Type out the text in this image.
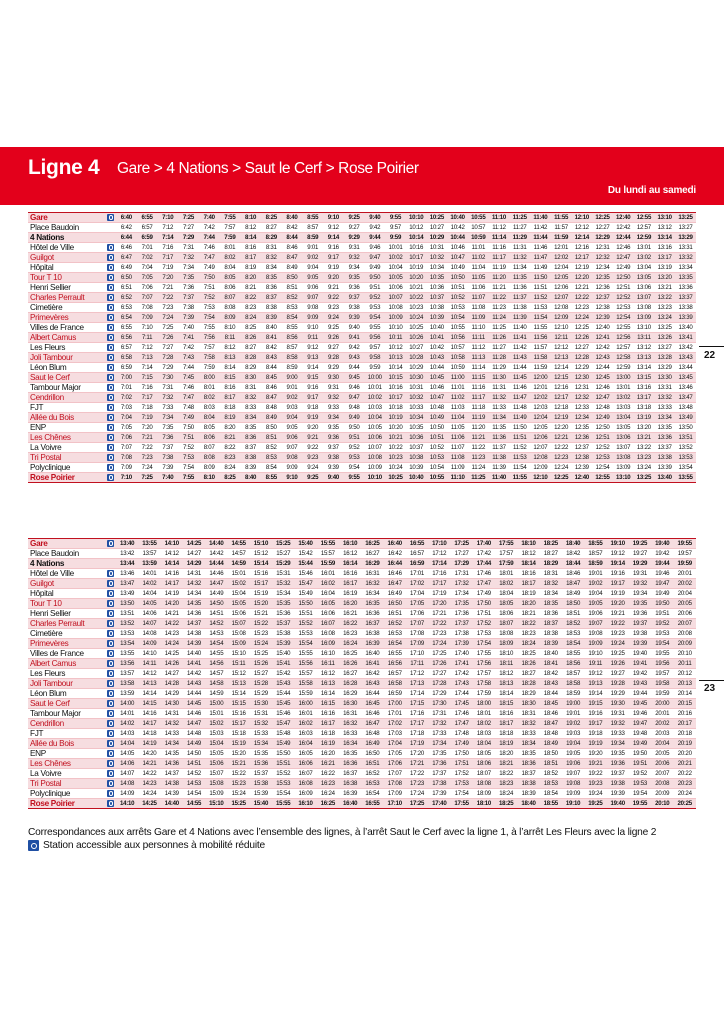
Ligne 4 Gare > 4 Nations > Saut le Cerf > Rose Poirier
Du lundi au samedi
Gare		6:40	6:55	7:10	7:25	7:40	7:55	8:10	8:25	8:40	8:55	9:10	9:25	9:40	9:55	10:10	10:25	10:40	10:55	11:10	11:25	11:40	11:55	12:10	12:25	12:40	12:55	13:10	13:25
Place Baudoin		6:42	6:57	7:12	7:27	7:42	7:57	8:12	8:27	8:42	8:57	9:12	9:27	9:42	9:57	10:12	10:27	10:42	10:57	11:12	11:27	11:42	11:57	12:12	12:27	12:42	12:57	13:12	13:27
4 Nations		6:44	6:59	7:14	7:29	7:44	7:59	8:14	8:29	8:44	8:59	9:14	9:29	9:44	9:59	10:14	10:29	10:44	10:59	11:14	11:29	11:44	11:59	12:14	12:29	12:44	12:59	13:14	13:29
Hôtel de Ville		6:46	7:01	7:16	7:31	7:46	8:01	8:16	8:31	8:46	9:01	9:16	9:31	9:46	10:01	10:16	10:31	10:46	11:01	11:16	11:31	11:46	12:01	12:16	12:31	12:46	13:01	13:16	13:31
Guilgot		6:47	7:02	7:17	7:32	7:47	8:02	8:17	8:32	8:47	9:02	9:17	9:32	9:47	10:02	10:17	10:32	10:47	11:02	11:17	11:32	11:47	12:02	12:17	12:32	12:47	13:02	13:17	13:32
Hôpital		6:49	7:04	7:19	7:34	7:49	8:04	8:19	8:34	8:49	9:04	9:19	9:34	9:49	10:04	10:19	10:34	10:49	11:04	11:19	11:34	11:49	12:04	12:19	12:34	12:49	13:04	13:19	13:34
Tour T 10		6:50	7:05	7:20	7:35	7:50	8:05	8:20	8:35	8:50	9:05	9:20	9:35	9:50	10:05	10:20	10:35	10:50	11:05	11:20	11:35	11:50	12:05	12:20	12:35	12:50	13:05	13:20	13:35
Henri Sellier		6:51	7:06	7:21	7:36	7:51	8:06	8:21	8:36	8:51	9:06	9:21	9:36	9:51	10:06	10:21	10:36	10:51	11:06	11:21	11:36	11:51	12:06	12:21	12:36	12:51	13:06	13:21	13:36
Charles Perrault		6:52	7:07	7:22	7:37	7:52	8:07	8:22	8:37	8:52	9:07	9:22	9:37	9:52	10:07	10:22	10:37	10:52	11:07	11:22	11:37	11:52	12:07	12:22	12:37	12:52	13:07	13:22	13:37
Cimetière		6:53	7:08	7:23	7:38	7:53	8:08	8:23	8:38	8:53	9:08	9:23	9:38	9:53	10:08	10:23	10:38	10:53	11:08	11:23	11:38	11:53	12:08	12:23	12:38	12:53	13:08	13:23	13:38
Primevères		6:54	7:09	7:24	7:39	7:54	8:09	8:24	8:39	8:54	9:09	9:24	9:39	9:54	10:09	10:24	10:39	10:54	11:09	11:24	11:39	11:54	12:09	12:24	12:39	12:54	13:09	13:24	13:39
Villes de France		6:55	7:10	7:25	7:40	7:55	8:10	8:25	8:40	8:55	9:10	9:25	9:40	9:55	10:10	10:25	10:40	10:55	11:10	11:25	11:40	11:55	12:10	12:25	12:40	12:55	13:10	13:25	13:40
Albert Camus		6:56	7:11	7:26	7:41	7:56	8:11	8:26	8:41	8:56	9:11	9:26	9:41	9:56	10:11	10:26	10:41	10:56	11:11	11:26	11:41	11:56	12:11	12:26	12:41	12:56	13:11	13:26	13:41
Les Fleurs		6:57	7:12	7:27	7:42	7:57	8:12	8:27	8:42	8:57	9:12	9:27	9:42	9:57	10:12	10:27	10:42	10:57	11:12	11:27	11:42	11:57	12:12	12:27	12:42	12:57	13:12	13:27	13:42
Joli Tambour		6:58	7:13	7:28	7:43	7:58	8:13	8:28	8:43	8:58	9:13	9:28	9:43	9:58	10:13	10:28	10:43	10:58	11:13	11:28	11:43	11:58	12:13	12:28	12:43	12:58	13:13	13:28	13:43
Léon Blum		6:59	7:14	7:29	7:44	7:59	8:14	8:29	8:44	8:59	9:14	9:29	9:44	9:59	10:14	10:29	10:44	10:59	11:14	11:29	11:44	11:59	12:14	12:29	12:44	12:59	13:14	13:29	13:44
Saut le Cerf		7:00	7:15	7:30	7:45	8:00	8:15	8:30	8:45	9:00	9:15	9:30	9:45	10:00	10:15	10:30	10:45	11:00	11:15	11:30	11:45	12:00	12:15	12:30	12:45	13:00	13:15	13:30	13:45
Tambour Major		7:01	7:16	7:31	7:46	8:01	8:16	8:31	8:46	9:01	9:16	9:31	9:46	10:01	10:16	10:31	10:46	11:01	11:16	11:31	11:46	12:01	12:16	12:31	12:46	13:01	13:16	13:31	13:46
Cendrillon		7:02	7:17	7:32	7:47	8:02	8:17	8:32	8:47	9:02	9:17	9:32	9:47	10:02	10:17	10:32	10:47	11:02	11:17	11:32	11:47	12:02	12:17	12:32	12:47	13:02	13:17	13:32	13:47
FJT		7:03	7:18	7:33	7:48	8:03	8:18	8:33	8:48	9:03	9:18	9:33	9:48	10:03	10:18	10:33	10:48	11:03	11:18	11:33	11:48	12:03	12:18	12:33	12:48	13:03	13:18	13:33	13:48
Allée du Bois		7:04	7:19	7:34	7:49	8:04	8:19	8:34	8:49	9:04	9:19	9:34	9:49	10:04	10:19	10:34	10:49	11:04	11:19	11:34	11:49	12:04	12:19	12:34	12:49	13:04	13:19	13:34	13:49
ENP		7:05	7:20	7:35	7:50	8:05	8:20	8:35	8:50	9:05	9:20	9:35	9:50	10:05	10:20	10:35	10:50	11:05	11:20	11:35	11:50	12:05	12:20	12:35	12:50	13:05	13:20	13:35	13:50
Les Chênes		7:06	7:21	7:36	7:51	8:06	8:21	8:36	8:51	9:06	9:21	9:36	9:51	10:06	10:21	10:36	10:51	11:06	11:21	11:36	11:51	12:06	12:21	12:36	12:51	13:06	13:21	13:36	13:51
La Voivre		7:07	7:22	7:37	7:52	8:07	8:22	8:37	8:52	9:07	9:22	9:37	9:52	10:07	10:22	10:37	10:52	11:07	11:22	11:37	11:52	12:07	12:22	12:37	12:52	13:07	13:22	13:37	13:52
Tri Postal		7:08	7:23	7:38	7:53	8:08	8:23	8:38	8:53	9:08	9:23	9:38	9:53	10:08	10:23	10:38	10:53	11:08	11:23	11:38	11:53	12:08	12:23	12:38	12:53	13:08	13:23	13:38	13:53
Polyclinique		7:09	7:24	7:39	7:54	8:09	8:24	8:39	8:54	9:09	9:24	9:39	9:54	10:09	10:24	10:39	10:54	11:09	11:24	11:39	11:54	12:09	12:24	12:39	12:54	13:09	13:24	13:39	13:54
Rose Poirier		7:10	7:25	7:40	7:55	8:10	8:25	8:40	8:55	9:10	9:25	9:40	9:55	10:10	10:25	10:40	10:55	11:10	11:25	11:40	11:55	12:10	12:25	12:40	12:55	13:10	13:25	13:40	13:55
Gare		13:40	13:55	14:10	14:25	14:40	14:55	15:10	15:25	15:40	15:55	16:10	16:25	16:40	16:55	17:10	17:25	17:40	17:55	18:10	18:25	18:40	18:55	19:10	19:25	19:40	19:55
Place Baudoin		13:42	13:57	14:12	14:27	14:42	14:57	15:12	15:27	15:42	15:57	16:12	16:27	16:42	16:57	17:12	17:27	17:42	17:57	18:12	18:27	18:42	18:57	19:12	19:27	19:42	19:57
4 Nations		13:44	13:59	14:14	14:29	14:44	14:59	15:14	15:29	15:44	15:59	16:14	16:29	16:44	16:59	17:14	17:29	17:44	17:59	18:14	18:29	18:44	18:59	19:14	19:29	19:44	19:59
Hôtel de Ville		13:46	14:01	14:16	14:31	14:46	15:01	15:16	15:31	15:46	16:01	16:16	16:31	16:46	17:01	17:16	17:31	17:46	18:01	18:16	18:31	18:46	19:01	19:16	19:31	19:46	20:01
Guilgot		13:47	14:02	14:17	14:32	14:47	15:02	15:17	15:32	15:47	16:02	16:17	16:32	16:47	17:02	17:17	17:32	17:47	18:02	18:17	18:32	18:47	19:02	19:17	19:32	19:47	20:02
Hôpital		13:49	14:04	14:19	14:34	14:49	15:04	15:19	15:34	15:49	16:04	16:19	16:34	16:49	17:04	17:19	17:34	17:49	18:04	18:19	18:34	18:49	19:04	19:19	19:34	19:49	20:04
Tour T 10		13:50	14:05	14:20	14:35	14:50	15:05	15:20	15:35	15:50	16:05	16:20	16:35	16:50	17:05	17:20	17:35	17:50	18:05	18:20	18:35	18:50	19:05	19:20	19:35	19:50	20:05
Henri Sellier		13:51	14:06	14:21	14:36	14:51	15:06	15:21	15:36	15:51	16:06	16:21	16:36	16:51	17:06	17:21	17:36	17:51	18:06	18:21	18:36	18:51	19:06	19:21	19:36	19:51	20:06
Charles Perrault		13:52	14:07	14:22	14:37	14:52	15:07	15:22	15:37	15:52	16:07	16:22	16:37	16:52	17:07	17:22	17:37	17:52	18:07	18:22	18:37	18:52	19:07	19:22	19:37	19:52	20:07
Cimetière		13:53	14:08	14:23	14:38	14:53	15:08	15:23	15:38	15:53	16:08	16:23	16:38	16:53	17:08	17:23	17:38	17:53	18:08	18:23	18:38	18:53	19:08	19:23	19:38	19:53	20:08
Primevères		13:54	14:09	14:24	14:39	14:54	15:09	15:24	15:39	15:54	16:09	16:24	16:39	16:54	17:09	17:24	17:39	17:54	18:09	18:24	18:39	18:54	19:09	19:24	19:39	19:54	20:09
Villes de France		13:55	14:10	14:25	14:40	14:55	15:10	15:25	15:40	15:55	16:10	16:25	16:40	16:55	17:10	17:25	17:40	17:55	18:10	18:25	18:40	18:55	19:10	19:25	19:40	19:55	20:10
Albert Camus		13:56	14:11	14:26	14:41	14:56	15:11	15:26	15:41	15:56	16:11	16:26	16:41	16:56	17:11	17:26	17:41	17:56	18:11	18:26	18:41	18:56	19:11	19:26	19:41	19:56	20:11
Les Fleurs		13:57	14:12	14:27	14:42	14:57	15:12	15:27	15:42	15:57	16:12	16:27	16:42	16:57	17:12	17:27	17:42	17:57	18:12	18:27	18:42	18:57	19:12	19:27	19:42	19:57	20:12
Joli Tambour		13:58	14:13	14:28	14:43	14:58	15:13	15:28	15:43	15:58	16:13	16:28	16:43	16:58	17:13	17:28	17:43	17:58	18:13	18:28	18:43	18:58	19:13	19:28	19:43	19:58	20:13
Léon Blum		13:59	14:14	14:29	14:44	14:59	15:14	15:29	15:44	15:59	16:14	16:29	16:44	16:59	17:14	17:29	17:44	17:59	18:14	18:29	18:44	18:59	19:14	19:29	19:44	19:59	20:14
Saut le Cerf		14:00	14:15	14:30	14:45	15:00	15:15	15:30	15:45	16:00	16:15	16:30	16:45	17:00	17:15	17:30	17:45	18:00	18:15	18:30	18:45	19:00	19:15	19:30	19:45	20:00	20:15
Tambour Major		14:01	14:16	14:31	14:46	15:01	15:16	15:31	15:46	16:01	16:16	16:31	16:46	17:01	17:16	17:31	17:46	18:01	18:16	18:31	18:46	19:01	19:16	19:31	19:46	20:01	20:16
Cendrillon		14:02	14:17	14:32	14:47	15:02	15:17	15:32	15:47	16:02	16:17	16:32	16:47	17:02	17:17	17:32	17:47	18:02	18:17	18:32	18:47	19:02	19:17	19:32	19:47	20:02	20:17
FJT		14:03	14:18	14:33	14:48	15:03	15:18	15:33	15:48	16:03	16:18	16:33	16:48	17:03	17:18	17:33	17:48	18:03	18:18	18:33	18:48	19:03	19:18	19:33	19:48	20:03	20:18
Allée du Bois		14:04	14:19	14:34	14:49	15:04	15:19	15:34	15:49	16:04	16:19	16:34	16:49	17:04	17:19	17:34	17:49	18:04	18:19	18:34	18:49	19:04	19:19	19:34	19:49	20:04	20:19
ENP		14:05	14:20	14:35	14:50	15:05	15:20	15:35	15:50	16:05	16:20	16:35	16:50	17:05	17:20	17:35	17:50	18:05	18:20	18:35	18:50	19:05	19:20	19:35	19:50	20:05	20:20
Les Chênes		14:06	14:21	14:36	14:51	15:06	15:21	15:36	15:51	16:06	16:21	16:36	16:51	17:06	17:21	17:36	17:51	18:06	18:21	18:36	18:51	19:06	19:21	19:36	19:51	20:06	20:21
La Voivre		14:07	14:22	14:37	14:52	15:07	15:22	15:37	15:52	16:07	16:22	16:37	16:52	17:07	17:22	17:37	17:52	18:07	18:22	18:37	18:52	19:07	19:22	19:37	19:52	20:07	20:22
Tri Postal		14:08	14:23	14:38	14:53	15:08	15:23	15:38	15:53	16:08	16:23	16:38	16:53	17:08	17:23	17:38	17:53	18:08	18:23	18:38	18:53	19:08	19:23	19:38	19:53	20:08	20:23
Polyclinique		14:09	14:24	14:39	14:54	15:09	15:24	15:39	15:54	16:09	16:24	16:39	16:54	17:09	17:24	17:39	17:54	18:09	18:24	18:39	18:54	19:09	19:24	19:39	19:54	20:09	20:24
Rose Poirier		14:10	14:25	14:40	14:55	15:10	15:25	15:40	15:55	16:10	16:25	16:40	16:55	17:10	17:25	17:40	17:55	18:10	18:25	18:40	18:55	19:10	19:25	19:40	19:55	20:10	20:25
22
23
Correspondances aux arrêts Gare et 4 Nations avec l’ensemble des lignes, à l’arrêt Saut le Cerf avec la ligne 1, à l’arrêt Les Fleurs avec la ligne 2
Station accessible aux personnes à mobilité réduite
